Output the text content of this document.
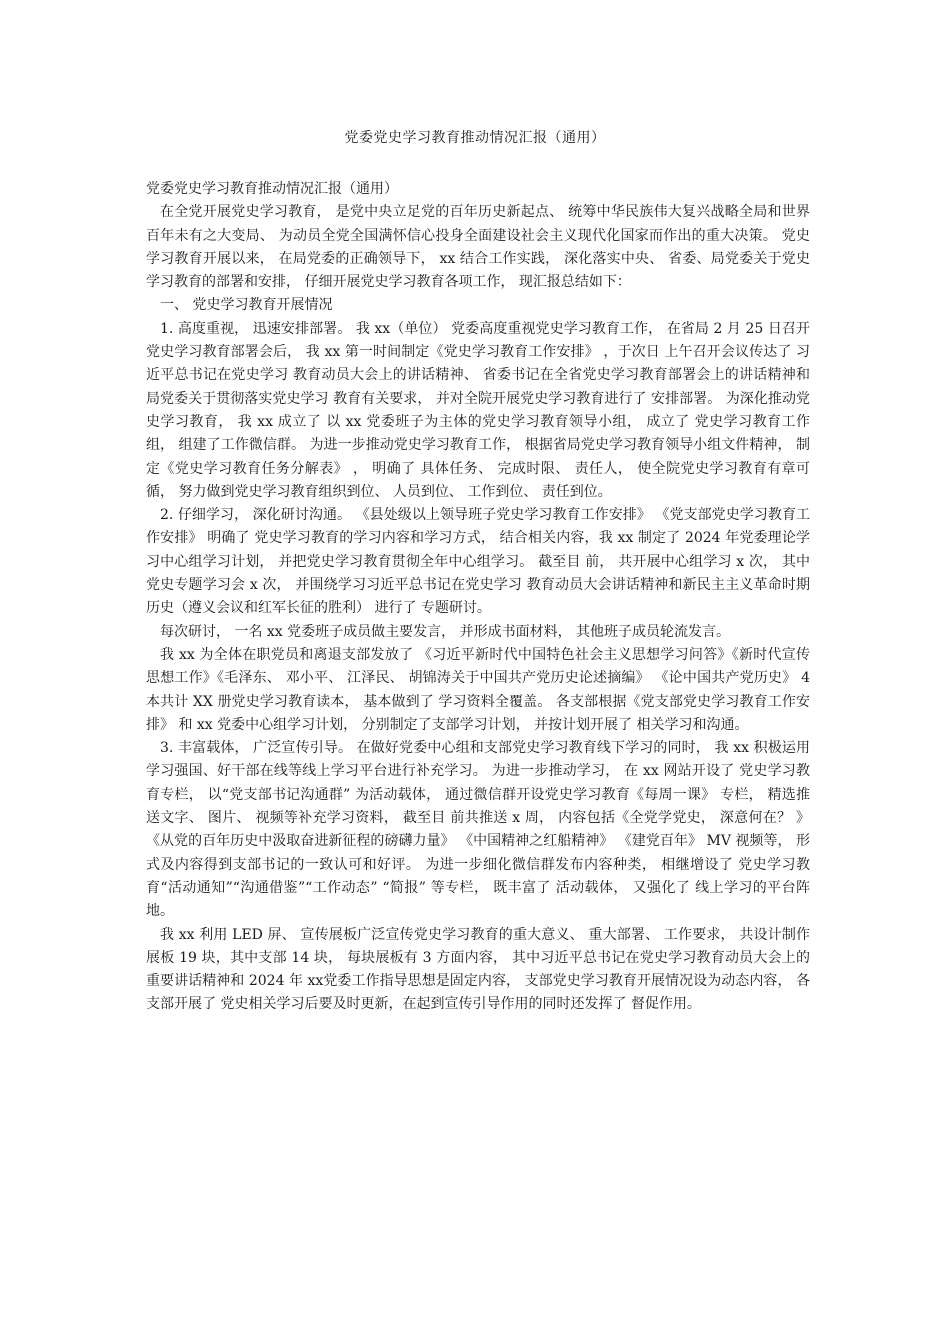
党委党史学习教育推动情况汇报（通用）

党委党史学习教育推动情况汇报（通用）

在全党开展党史学习教育， 是党中央立足党的百年历史新起点、 统筹中华民族伟大复兴战略全局和世界百年未有之大变局、 为动员全党全国满怀信心投身全面建设社会主义现代化国家而作出的重大决策。 党史学习教育开展以来， 在局党委的正确领导下， xx 结合工作实践， 深化落实中央、 省委、局党委关于党史学习教育的部署和安排， 仔细开展党史学习教育各项工作， 现汇报总结如下：

一、 党史学习教育开展情况

1. 高度重视， 迅速安排部署。 我 xx（单位） 党委高度重视党史学习教育工作， 在省局 2 月 25 日召开党史学习教育部署会后， 我 xx 第一时间制定《党史学习教育工作安排》 ，于次日 上午召开会议传达了 习 近平总书记在党史学习 教育动员大会上的讲话精神、 省委书记在全省党史学习教育部署会上的讲话精神和局党委关于贯彻落实党史学习 教育有关要求， 并对全院开展党史学习教育进行了 安排部署。 为深化推动党史学习教育， 我 xx 成立了 以 xx 党委班子为主体的党史学习教育领导小组， 成立了 党史学习教育工作组， 组建了工作微信群。 为进一步推动党史学习教育工作， 根据省局党史学习教育领导小组文件精神， 制定《党史学习教育任务分解表》 ， 明确了 具体任务、 完成时限、 责任人， 使全院党史学习教育有章可循， 努力做到党史学习教育组织到位、 人员到位、 工作到位、 责任到位。

2. 仔细学习， 深化研讨沟通。 《县处级以上领导班子党史学习教育工作安排》 《党支部党史学习教育工作安排》 明确了 党史学习教育的学习内容和学习方式， 结合相关内容，我 xx 制定了 2024 年党委理论学习中心组学习计划， 并把党史学习教育贯彻全年中心组学习。 截至目 前， 共开展中心组学习 x 次， 其中党史专题学习会 x 次， 并围绕学习习近平总书记在党史学习 教育动员大会讲话精神和新民主主义革命时期历史（遵义会议和红军长征的胜利） 进行了 专题研讨。

每次研讨， 一名 xx 党委班子成员做主要发言， 并形成书面材料， 其他班子成员轮流发言。

我 xx 为全体在职党员和离退支部发放了 《习近平新时代中国特色社会主义思想学习问答》《新时代宣传思想工作》《毛泽东、 邓小平、 江泽民、 胡锦涛关于中国共产党历史论述摘编》 《论中国共产党历史》 4 本共计 XX 册党史学习教育读本， 基本做到了 学习资料全覆盖。 各支部根据《党支部党史学习教育工作安排》 和 xx 党委中心组学习计划， 分别制定了支部学习计划， 并按计划开展了 相关学习和沟通。

3. 丰富载体， 广泛宣传引导。 在做好党委中心组和支部党史学习教育线下学习的同时， 我 xx 积极运用学习强国、好干部在线等线上学习平台进行补充学习。 为进一步推动学习， 在 xx 网站开设了 党史学习教育专栏， 以“党支部书记沟通群” 为活动载体， 通过微信群开设党史学习教育《每周一课》 专栏， 精选推送文字、 图片、 视频等补充学习资料， 截至目 前共推送 x 周， 内容包括《全党学党史， 深意何在？ 》《从党的百年历史中汲取奋进新征程的磅礴力量》 《中国精神之红船精神》 《建党百年》 MV 视频等， 形式及内容得到支部书记的一致认可和好评。 为进一步细化微信群发布内容种类， 相继增设了 党史学习教育“活动通知”“沟通借鉴”“工作动态” “简报” 等专栏， 既丰富了 活动载体， 又强化了 线上学习的平台阵地。

我 xx 利用 LED 屏、 宣传展板广泛宣传党史学习教育的重大意义、 重大部署、 工作要求， 共设计制作展板 19 块，其中支部 14 块， 每块展板有 3 方面内容， 其中习近平总书记在党史学习教育动员大会上的重要讲话精神和 2024 年 xx党委工作指导思想是固定内容， 支部党史学习教育开展情况设为动态内容， 各支部开展了 党史相关学习后要及时更新，在起到宣传引导作用的同时还发挥了 督促作用。
